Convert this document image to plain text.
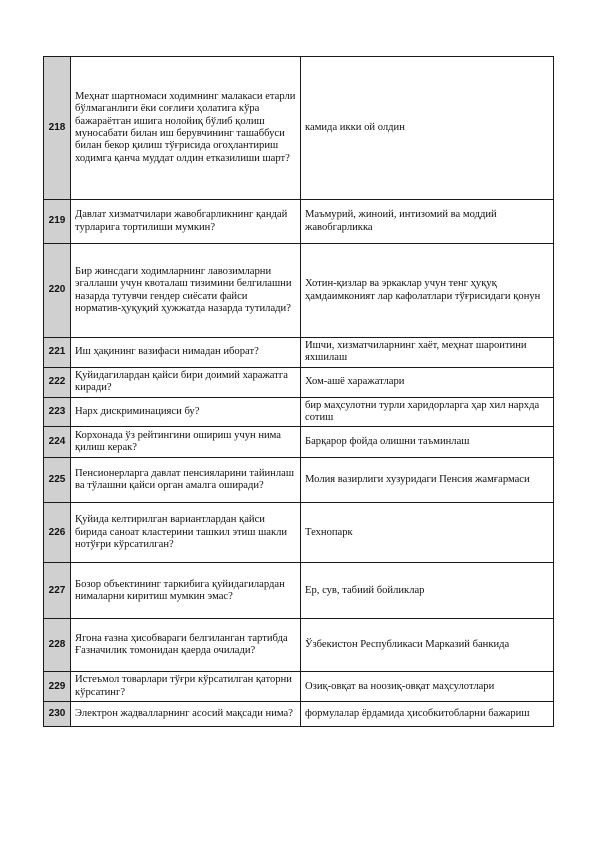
218	Меҳнат шартномаси ходимнинг малакаси етарли бўлмаганлиги ёки соғлиғи ҳолатига кўра бажараётган ишига нолойиқ бўлиб қолиш муносабати билан иш берувчининг ташаббуси билан бекор қилиш тўғрисида огоҳлантириш ходимга қанча муддат олдин етказилиши шарт?	камида икки ой олдин
219	Давлат хизматчилари жавобгарликнинг қандай турларига тортилиши мумкин?	Маъмурий, жиноий, интизомий ва моддий жавобгарликка
220	Бир жинсдаги ходимларнинг лавозимларни эгаллаши учун квоталаш тизимини белгилашни назарда тутувчи гендер сиёсати файси норматив-ҳуқуқий ҳужжатда назарда тутилади?	Хотин-қизлар ва эркаклар учун тенг ҳуқуқ ҳамдаимконият лар кафолатлари тўғрисидаги қонун
221	Иш ҳақининг вазифаси нимадан иборат?	Ишчи, хизматчиларнинг хаёт, меҳнат шароитини яхшилаш
222	Қуйидагилардан қайси бири доимий харажатга киради?	Хом-ашё харажатлари
223	Нарх дискриминацияси бу?	бир маҳсулотни турли харидорларга ҳар хил нархда сотиш
224	Корхонада ўз рейтингини ошириш учун нима қилиш керак?	Барқарор фойда олишни таъминлаш
225	Пенсионерларга давлат пенсияларини тайинлаш ва тўлашни қайси орган амалга оширади?	Молия вазирлиги хузуридаги Пенсия жамғармаси
226	Қуйида келтирилган вариантлардан қайси бирида саноат кластерини ташкил этиш шакли нотўғри кўрсатилган?	Технопарк
227	Бозор объектининг таркибига қуйидагилардан нималарни киритиш мумкин эмас?	Ер, сув, табиий бойликлар
228	Ягона ғазна ҳисобвараги белгиланган тартибда Ғазначилик томонидан қаерда очилади?	Ўзбекистон Республикаси Марказий банкида
229	Истеъмол товарлари тўғри кўрсатилган қаторни кўрсатинг?	Озиқ-овқат ва ноозиқ-овқат маҳсулотлари
230	Электрон жадвалларнинг асосий мақсади нима?	формулалар ёрдамида ҳисобкитобларни бажариш
